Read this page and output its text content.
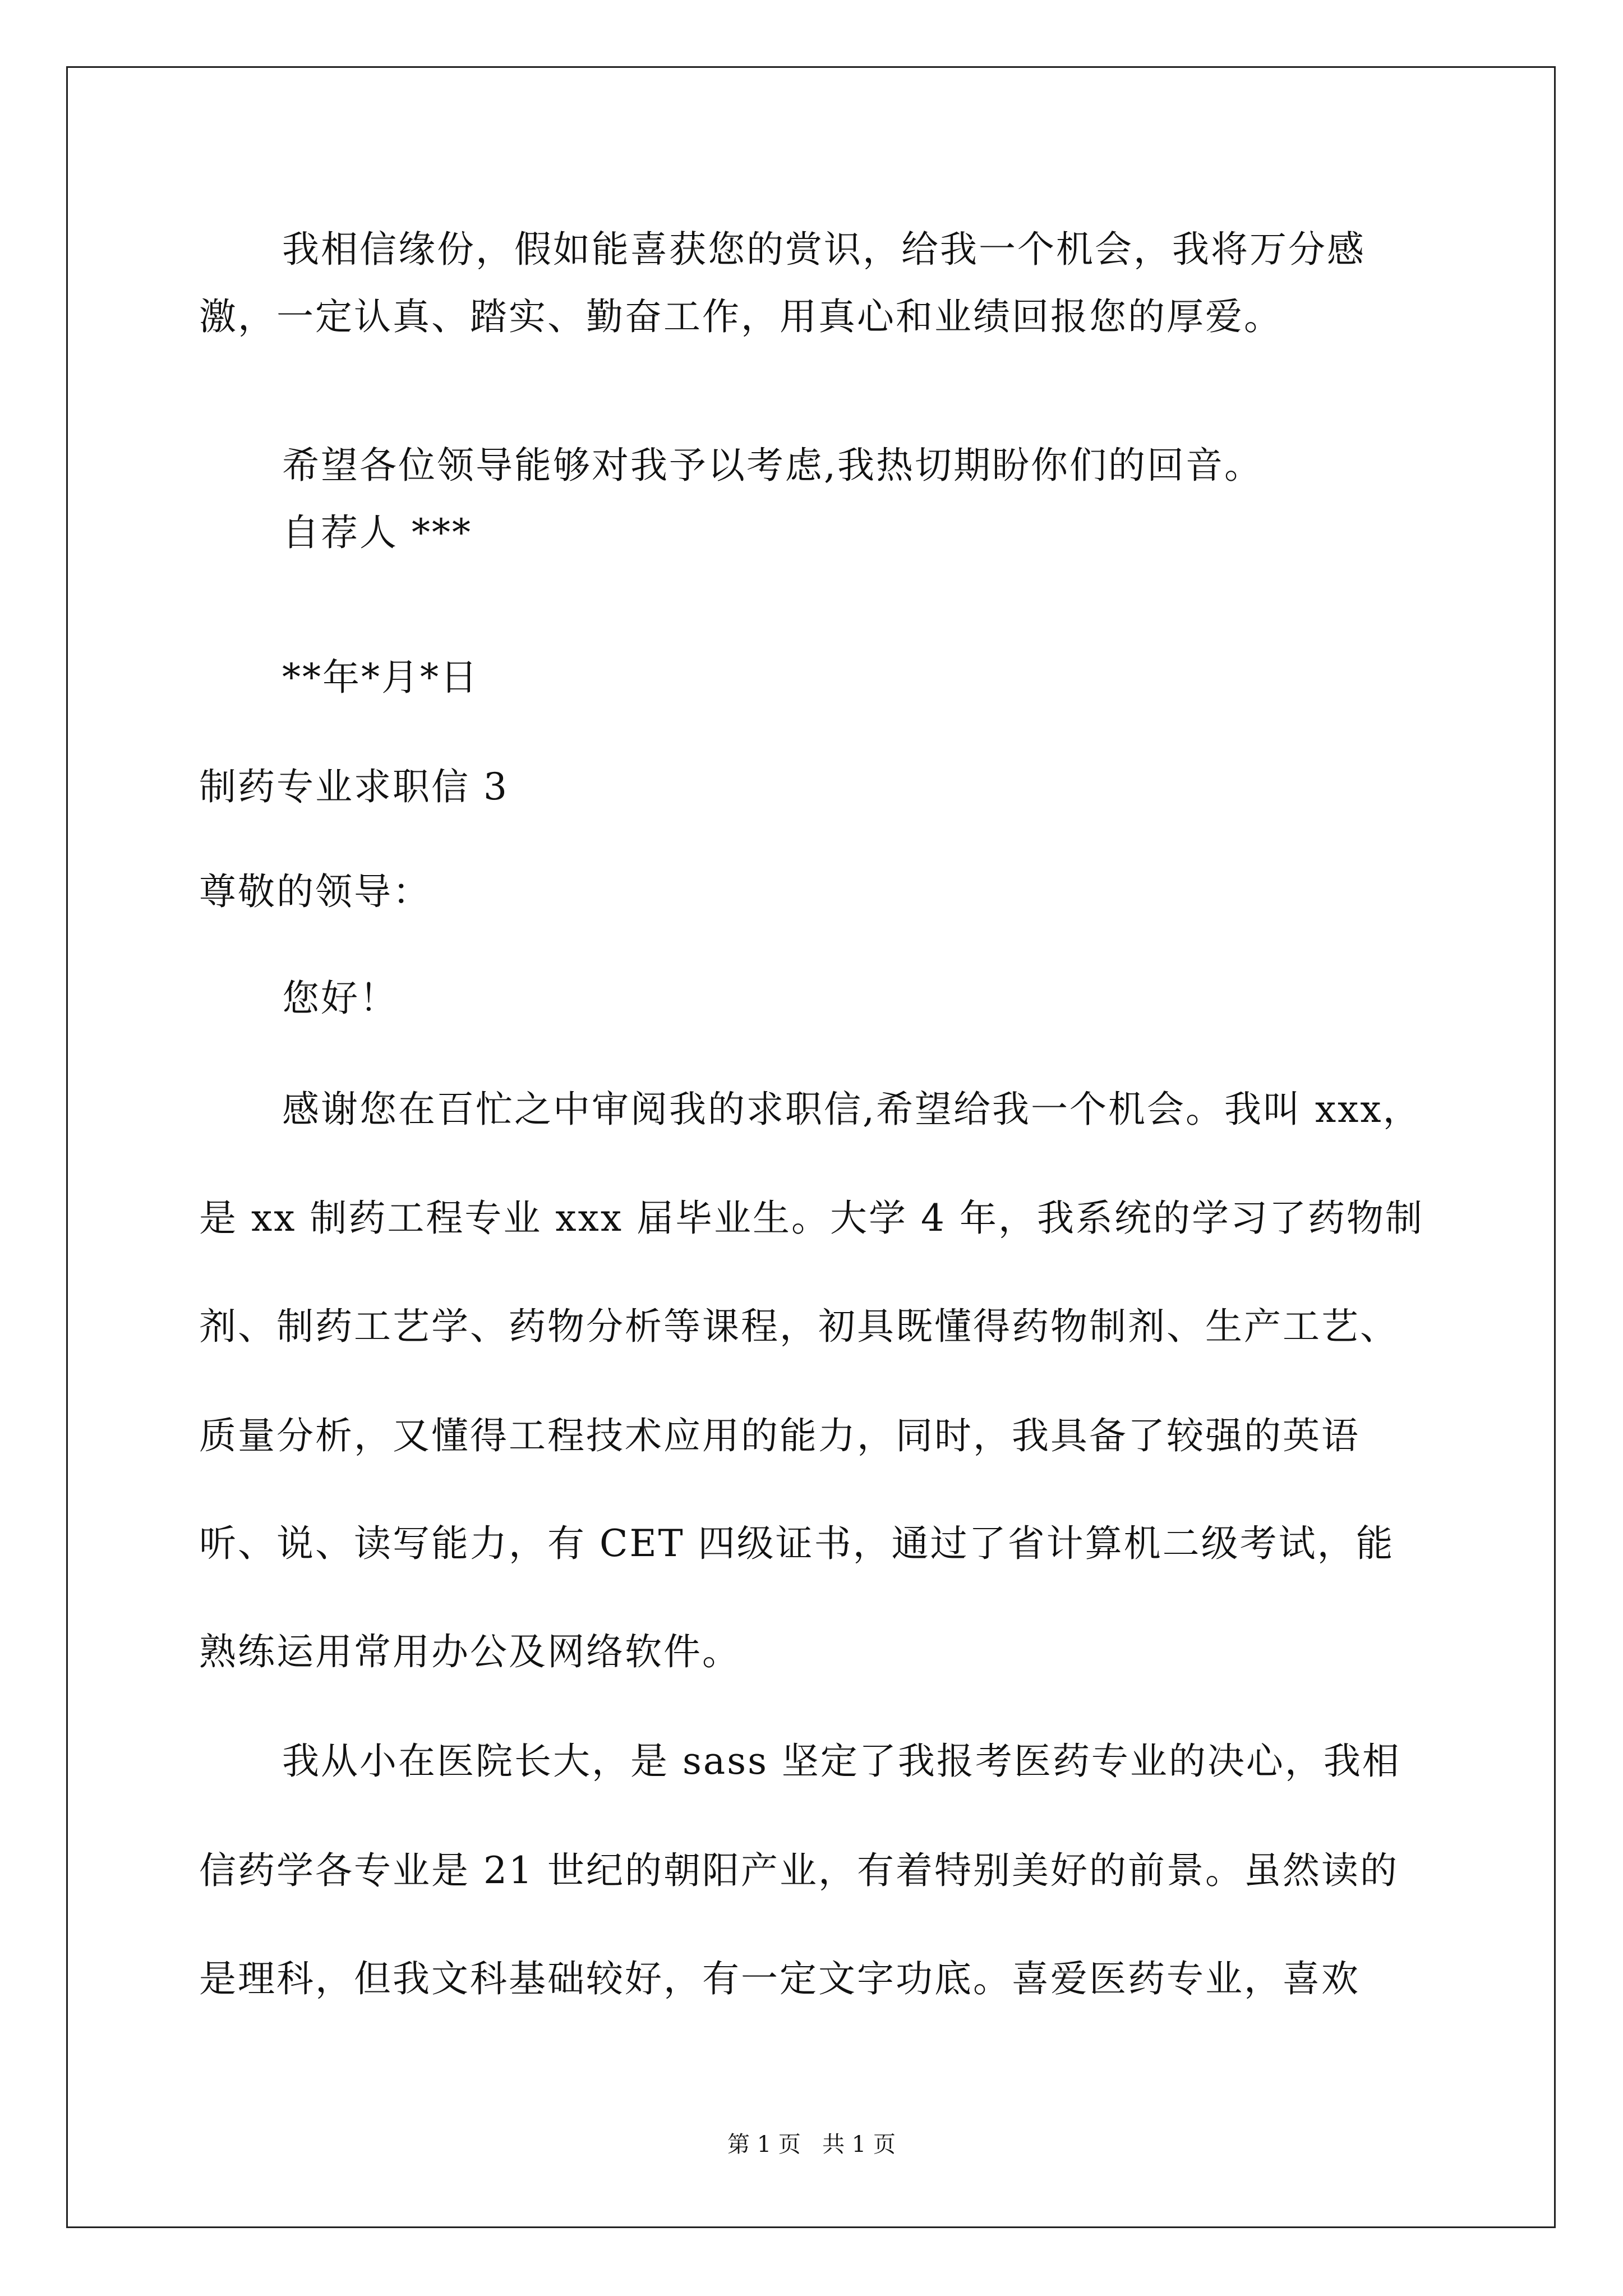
我相信缘份，假如能喜获您的赏识，给我一个机会，我将万分感
激，一定认真、踏实、勤奋工作，用真心和业绩回报您的厚爱。
希望各位领导能够对我予以考虑,我热切期盼你们的回音。
自荐人 ***
**年*月*日
制药专业求职信 3
尊敬的领导：
您好！
感谢您在百忙之中审阅我的求职信,希望给我一个机会。我叫 xxx，
是 xx 制药工程专业 xxx 届毕业生。大学 4 年，我系统的学习了药物制
剂、制药工艺学、药物分析等课程，初具既懂得药物制剂、生产工艺、
质量分析，又懂得工程技术应用的能力，同时，我具备了较强的英语
听、说、读写能力，有 CET 四级证书，通过了省计算机二级考试，能
熟练运用常用办公及网络软件。
我从小在医院长大，是 sass 坚定了我报考医药专业的决心，我相
信药学各专业是 21 世纪的朝阳产业，有着特别美好的前景。虽然读的
是理科，但我文科基础较好，有一定文字功底。喜爱医药专业，喜欢
第 1 页   共 1 页
